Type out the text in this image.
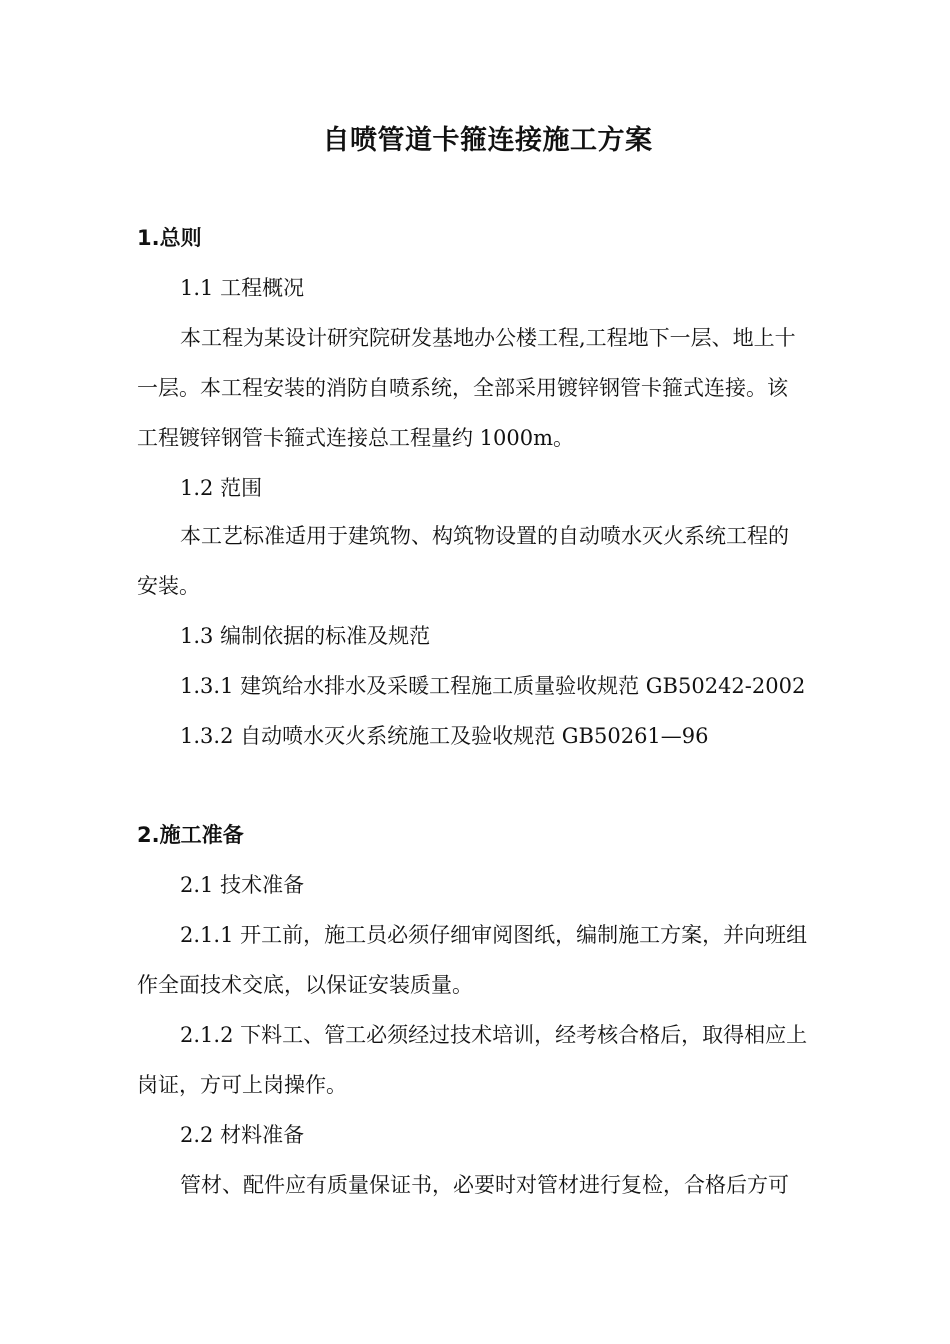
自喷管道卡箍连接施工方案
1.总则
1.1 工程概况
本工程为某设计研究院研发基地办公楼工程,工程地下一层、地上十
一层。本工程安装的消防自喷系统，全部采用镀锌钢管卡箍式连接。该
工程镀锌钢管卡箍式连接总工程量约 1000m。
1.2 范围
本工艺标准适用于建筑物、构筑物设置的自动喷水灭火系统工程的
安装。
1.3 编制依据的标准及规范
1.3.1 建筑给水排水及采暖工程施工质量验收规范 GB50242-2002
1.3.2 自动喷水灭火系统施工及验收规范 GB50261—96
2.施工准备
2.1 技术准备
2.1.1 开工前，施工员必须仔细审阅图纸，编制施工方案，并向班组
作全面技术交底，以保证安装质量。
2.1.2 下料工、管工必须经过技术培训，经考核合格后，取得相应上
岗证，方可上岗操作。
2.2 材料准备
管材、配件应有质量保证书，必要时对管材进行复检，合格后方可
